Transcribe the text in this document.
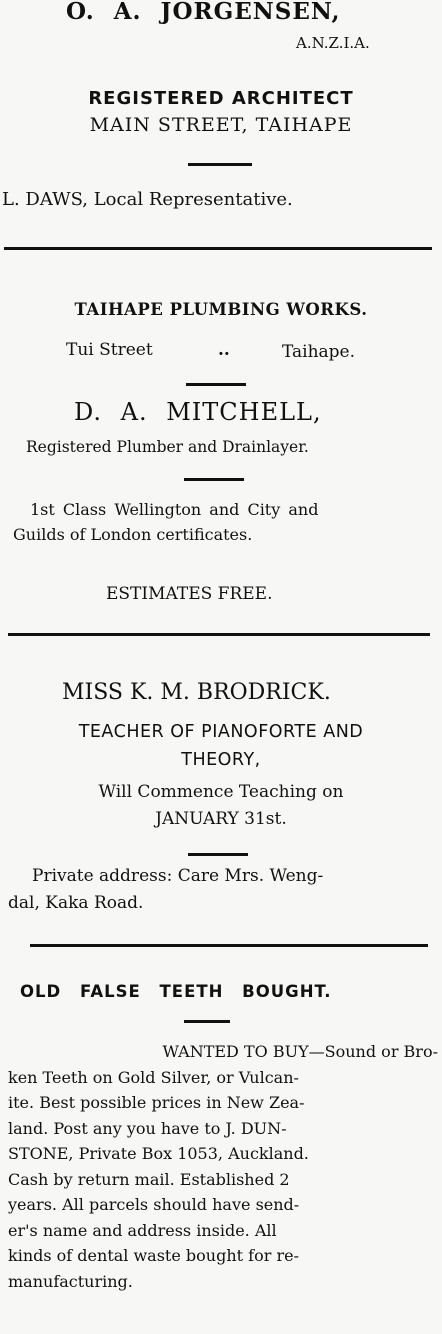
O. A. JORGENSEN,
A.N.Z.I.A.
REGISTERED ARCHITECT
MAIN STREET, TAIHAPE
L. DAWS, Local Representative.
TAIHAPE PLUMBING WORKS.
Tui Street	..	Taihape.
D. A. MITCHELL,
Registered Plumber and Drainlayer.
1st Class Wellington and City and
Guilds of London certificates.
ESTIMATES FREE.
MISS K. M. BRODRICK.
TEACHER OF PIANOFORTE AND
THEORY,
Will Commence Teaching on
JANUARY 31st.
Private address: Care Mrs. Weng-
dal, Kaka Road.
OLD FALSE TEETH BOUGHT.
WANTED TO BUY—Sound or Bro-
ken Teeth on Gold Silver, or Vulcan-
ite. Best possible prices in New Zea-
land. Post any you have to J. DUN-
STONE, Private Box 1053, Auckland.
Cash by return mail. Established 2
years. All parcels should have send-
er's name and address inside. All
kinds of dental waste bought for re-
manufacturing.
